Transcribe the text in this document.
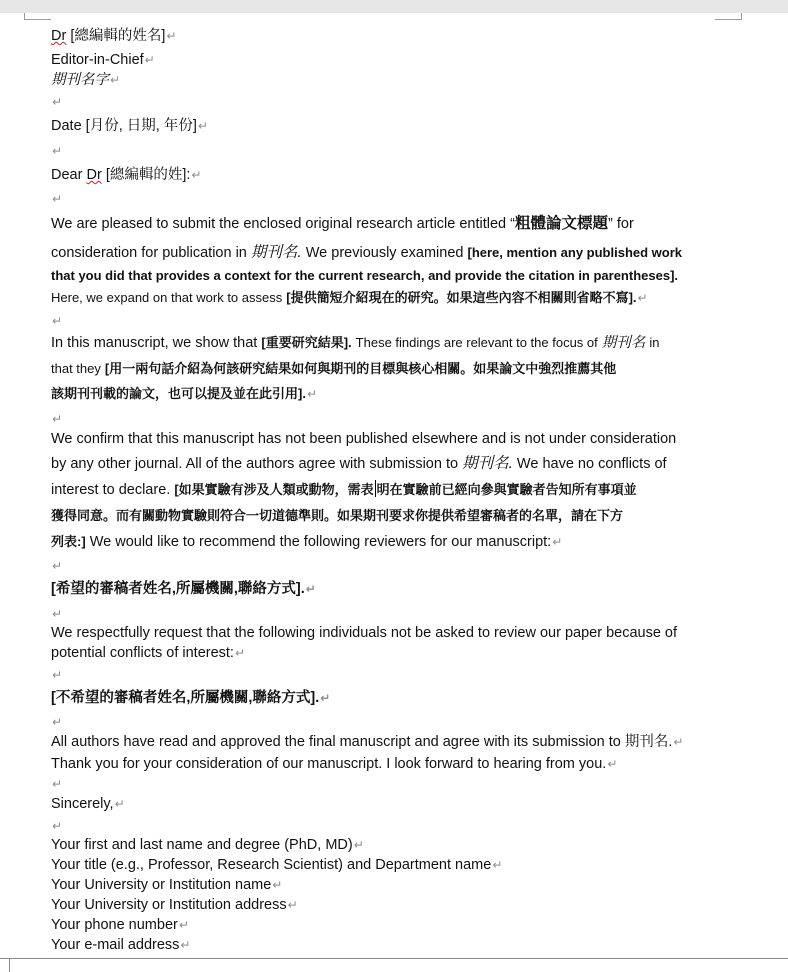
Dr [總編輯的姓名]↵
Editor-in-Chief↵
期刊名字↵
↵
Date [月份, 日期, 年份]↵
↵
Dear Dr [總編輯的姓]:↵
↵
We are pleased to submit the enclosed original research article entitled “粗體論文標題” for
consideration for publication in 期刊名. We previously examined [here, mention any published work
that you did that provides a context for the current research, and provide the citation in parentheses].
Here, we expand on that work to assess [提供簡短介紹現在的研究。如果這些內容不相關則省略不寫].↵
↵
In this manuscript, we show that [重要研究結果]. These findings are relevant to the focus of 期刊名 in
that they [用一兩句話介紹為何該研究結果如何與期刊的目標與核心相關。如果論文中強烈推薦其他
該期刊刊載的論文，也可以提及並在此引用].↵
↵
We confirm that this manuscript has not been published elsewhere and is not under consideration
by any other journal. All of the authors agree with submission to 期刊名. We have no conflicts of
interest to declare. [如果實驗有涉及人類或動物，需表 明在實驗前已經向參與實驗者告知所有事項並
獲得同意。而有關動物實驗則符合一切道德準則。如果期刊要求你提供希望審稿者的名單，請在下方
列表:] We would like to recommend the following reviewers for our manuscript:↵
↵
[希望的審稿者姓名,所屬機關,聯絡方式].↵
↵
We respectfully request that the following individuals not be asked to review our paper because of
potential conflicts of interest:↵
↵
[不希望的審稿者姓名,所屬機關,聯絡方式].↵
↵
All authors have read and approved the final manuscript and agree with its submission to 期刊名.↵
Thank you for your consideration of our manuscript. I look forward to hearing from you.↵
↵
Sincerely,↵
↵
Your first and last name and degree (PhD, MD)↵
Your title (e.g., Professor, Research Scientist) and Department name↵
Your University or Institution name↵
Your University or Institution address↵
Your phone number↵
Your e-mail address↵
